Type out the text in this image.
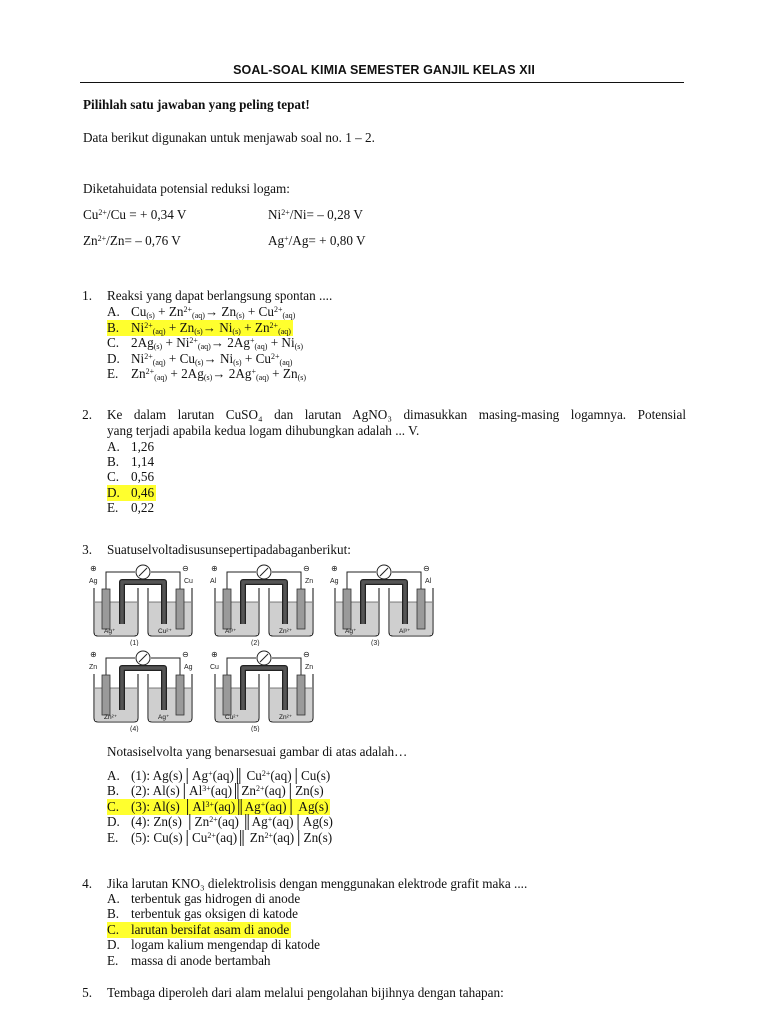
SOAL-SOAL KIMIA SEMESTER GANJIL KELAS XII
Pilihlah satu jawaban yang peling tepat!
Data berikut digunakan untuk menjawab soal no. 1 – 2.
Diketahuidata potensial reduksi logam:
$Cu^{2+}/Cu$ = + 0,34 V	$Ni^{2+}/Ni= - 0,28$ V
$Zn^{2+}/Zn= - 0,76$ V	Ag+/Ag= + 0,80 V
1. Reaksi yang dapat berlangsung spontan ....
A. $Cu_{(s)} + Zn^{2+}_{(aq)}\to Zn_{(s)} + Cu^{2+}_{(aq)}$
B. $Ni^{2+}_{(aq)} + Zn_{(s)}\to Ni_{(s)} + Zn^{2+}_{(aq)}$
C. $2Ag_{(s)} + Ni^{2+}_{(aq)}\to 2Ag^+_{(aq)} + Ni_{(s)}$
D. $Ni^{2+}_{(aq)} + Cu_{(s)}\to Ni_{(s)} + Cu^{2+}_{(aq)}$
E. $Zn^{2+}_{(aq)} + 2Ag_{(s)}\to 2Ag^+_{(aq)} + Zn_{(s)}$
2. Ke dalam larutan CuSO₄ dan larutan AgNO₃ dimasukkan masing-masing logamnya. Potensial
yang terjadi apabila kedua logam dihubungkan adalah ... V.
A. 1,26
B. 1,14
C. 0,56
D. 0,46
E. 0,22
3. Suatuselvoltadisusunsepertipadabaganberikut:
⊕	⊖
Ag	Cu
Ag⁺	Cu²⁺
(1)
⊕	⊖
Al	Zn
Al³⁺	Zn²⁺
(2)
⊕	⊖
Ag	Al
Ag⁺	Al³⁺
(3)
⊕	⊖
Zn	Ag
Zn²⁺	Ag⁺
(4)
⊕	⊖
Cu	Zn
Cu²⁺	Zn²⁺
(5)
Notasiselvolta yang benarsesuai gambar di atas adalah…
A. (1): Ag(s)│Ag+(aq)║ $Cu^{2+}(aq)│Cu(s)$
B. (2): $Al(s)│Al^{3+}(aq)║Zn^{2+}(aq)│Zn(s)$
C. (3): Al(s) $│Al^{3+}(aq)║Ag^+(aq)│$ Ag(s)
D. (4): Zn(s) $│Zn^{2+}(aq)$ ║Ag+(aq)│Ag(s)
E. (5): $Cu(s)│Cu^{2+}(aq)║$ $Zn^{2+}(aq)│Zn(s)$
4. Jika larutan KNO₃ dielektrolisis dengan menggunakan elektrode grafit maka ....
A. terbentuk gas hidrogen di anode
B. terbentuk gas oksigen di katode
C. larutan bersifat asam di anode
D. logam kalium mengendap di katode
E. massa di anode bertambah
5. Tembaga diperoleh dari alam melalui pengolahan bijihnya dengan tahapan:
